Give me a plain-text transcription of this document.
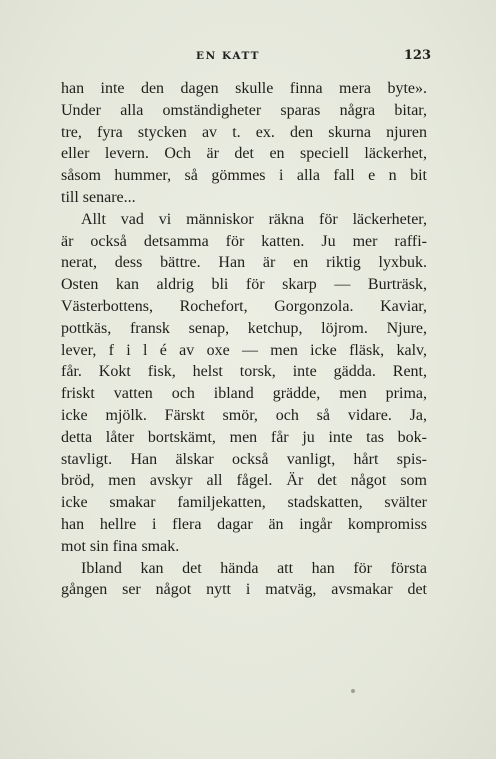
EN KATT	123
han inte den dagen skulle finna mera byte».
Under alla omständigheter sparas några bitar,
tre, fyra stycken av t. ex. den skurna njuren
eller levern. Och är det en speciell läckerhet,
såsom hummer, så gömmes i alla fall e n bit
till senare...
Allt vad vi människor räkna för läckerheter,
är också detsamma för katten. Ju mer raffi-
nerat, dess bättre. Han är en riktig lyxbuk.
Osten kan aldrig bli för skarp — Burträsk,
Västerbottens, Rochefort, Gorgonzola. Kaviar,
pottkäs, fransk senap, ketchup, löjrom. Njure,
lever, f i l é av oxe — men icke fläsk, kalv,
får. Kokt fisk, helst torsk, inte gädda. Rent,
friskt vatten och ibland grädde, men prima,
icke mjölk. Färskt smör, och så vidare. Ja,
detta låter bortskämt, men får ju inte tas bok-
stavligt. Han älskar också vanligt, hårt spis-
bröd, men avskyr all fågel. Är det något som
icke smakar familjekatten, stadskatten, svälter
han hellre i flera dagar än ingår kompromiss
mot sin fina smak.
Ibland kan det hända att han för första
gången ser något nytt i matväg, avsmakar det
